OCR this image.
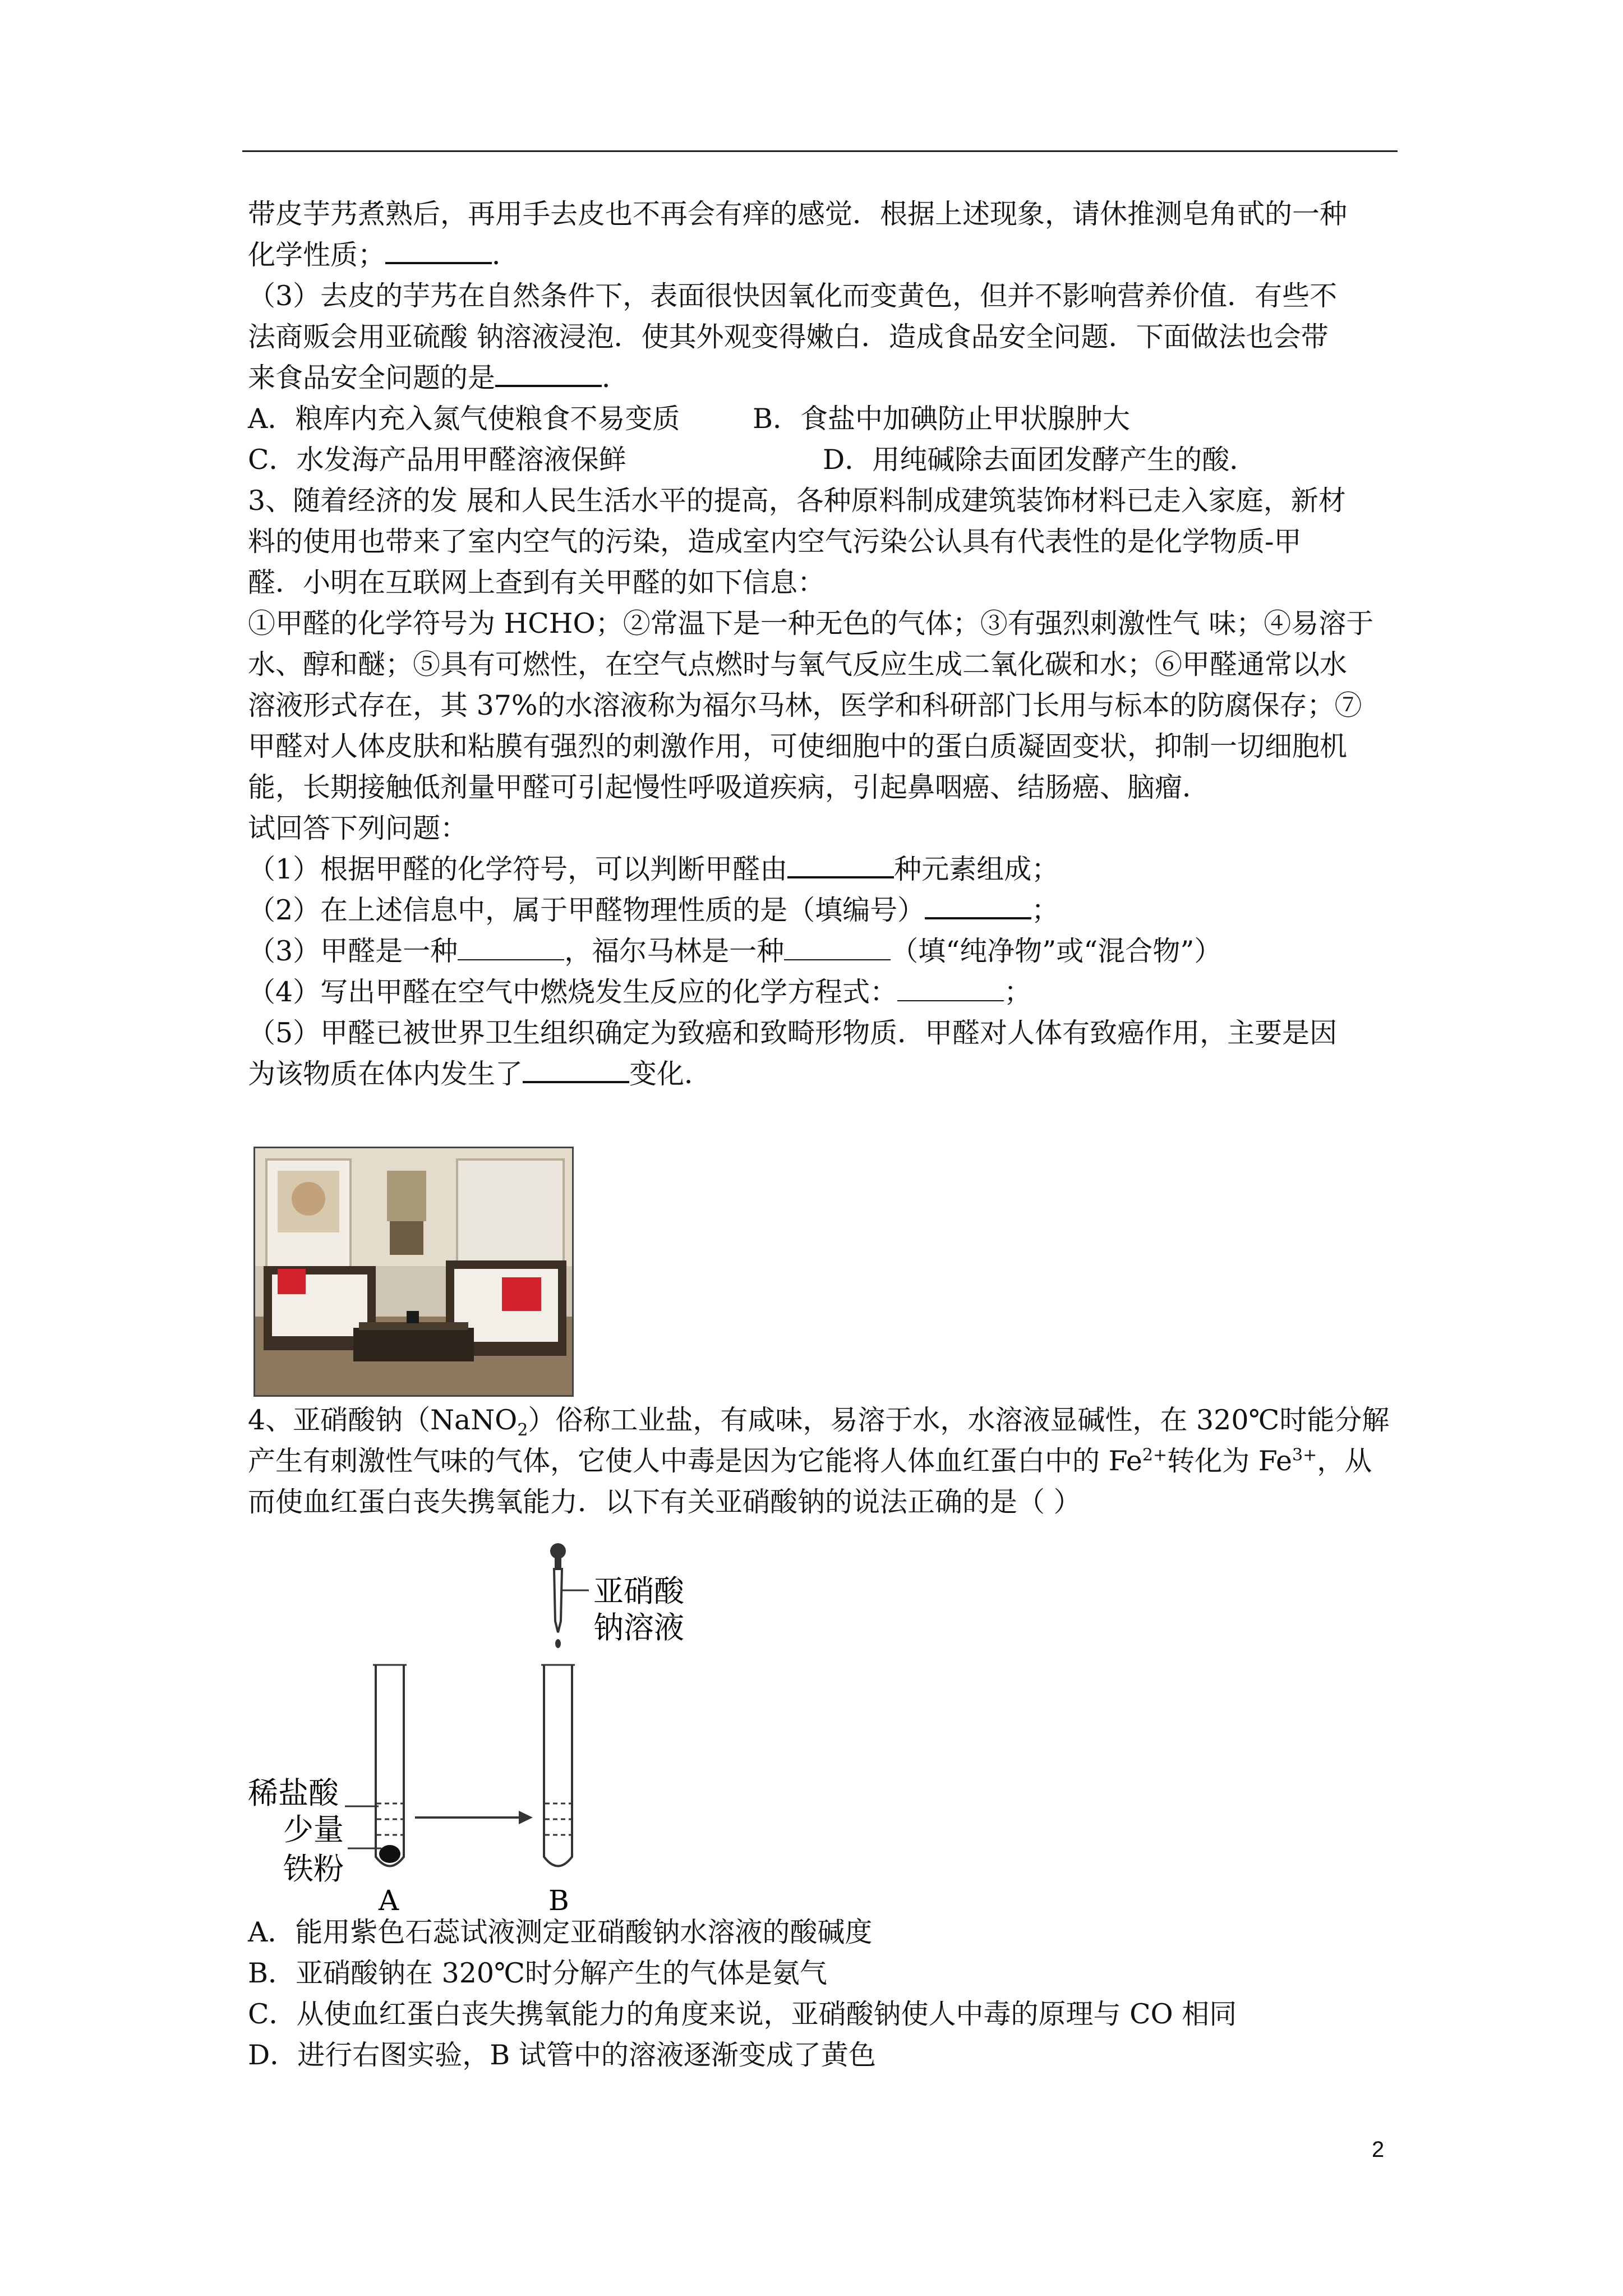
带皮芋艿煮熟后，再用手去皮也不再会有痒的感觉．根据上述现象，请休推测皂角甙的一种
化学性质；	．
（3）去皮的芋艿在自然条件下，表面很快因氧化而变黄色，但并不影响营养价值．有些不
法商贩会用亚硫酸 钠溶液浸泡．使其外观变得嫩白．造成食品安全问题．下面做法也会带
来食品安全问题的是	．
A．粮库内充入氮气使粮食不易变质	B．食盐中加碘防止甲状腺肿大
C．水发海产品用甲醛溶液保鲜	D．用纯碱除去面团发酵产生的酸．
3、随着经济的发 展和人民生活水平的提高，各种原料制成建筑装饰材料已走入家庭，新材
料的使用也带来了室内空气的污染，造成室内空气污染公认具有代表性的是化学物质-甲
醛．小明在互联网上查到有关甲醛的如下信息：
①甲醛的化学符号为 HCHO；②常温下是一种无色的气体；③有强烈刺激性气 味；④易溶于
水、醇和醚；⑤具有可燃性，在空气点燃时与氧气反应生成二氧化碳和水；⑥甲醛通常以水
溶液形式存在，其 37%的水溶液称为福尔马林，医学和科研部门长用与标本的防腐保存；⑦
甲醛对人体皮肤和粘膜有强烈的刺激作用，可使细胞中的蛋白质凝固变状，抑制一切细胞机
能，长期接触低剂量甲醛可引起慢性呼吸道疾病，引起鼻咽癌、结肠癌、脑瘤．
试回答下列问题：
（1）根据甲醛的化学符号，可以判断甲醛由	种元素组成；
（2）在上述信息中，属于甲醛物理性质的是（填编号）	；
（3）甲醛是一种	，福尔马林是一种	（填“纯净物”或“混合物”）
（4）写出甲醛在空气中燃烧发生反应的化学方程式：	；
（5）甲醛已被世界卫生组织确定为致癌和致畸形物质．甲醛对人体有致癌作用，主要是因
为该物质在体内发生了	变化．
4、亚硝酸钠（NaNO$_2$）俗称工业盐，有咸味，易溶于水，水溶液显碱性，在 320℃时能分解
产生有刺激性气味的气体，它使人中毒是因为它能将人体血红蛋白中的 $Fe^{2+}$转化为 $Fe^{3+}$，从
而使血红蛋白丧失携氧能力．以下有关亚硝酸钠的说法正确的是（ ）
亚硝酸
钠溶液
稀盐酸
少量
铁粉
A	B
A．能用紫色石蕊试液测定亚硝酸钠水溶液的酸碱度
B．亚硝酸钠在 320℃时分解产生的气体是氨气
C．从使血红蛋白丧失携氧能力的角度来说，亚硝酸钠使人中毒的原理与 CO 相同
D．进行右图实验，B 试管中的溶液逐渐变成了黄色
2
